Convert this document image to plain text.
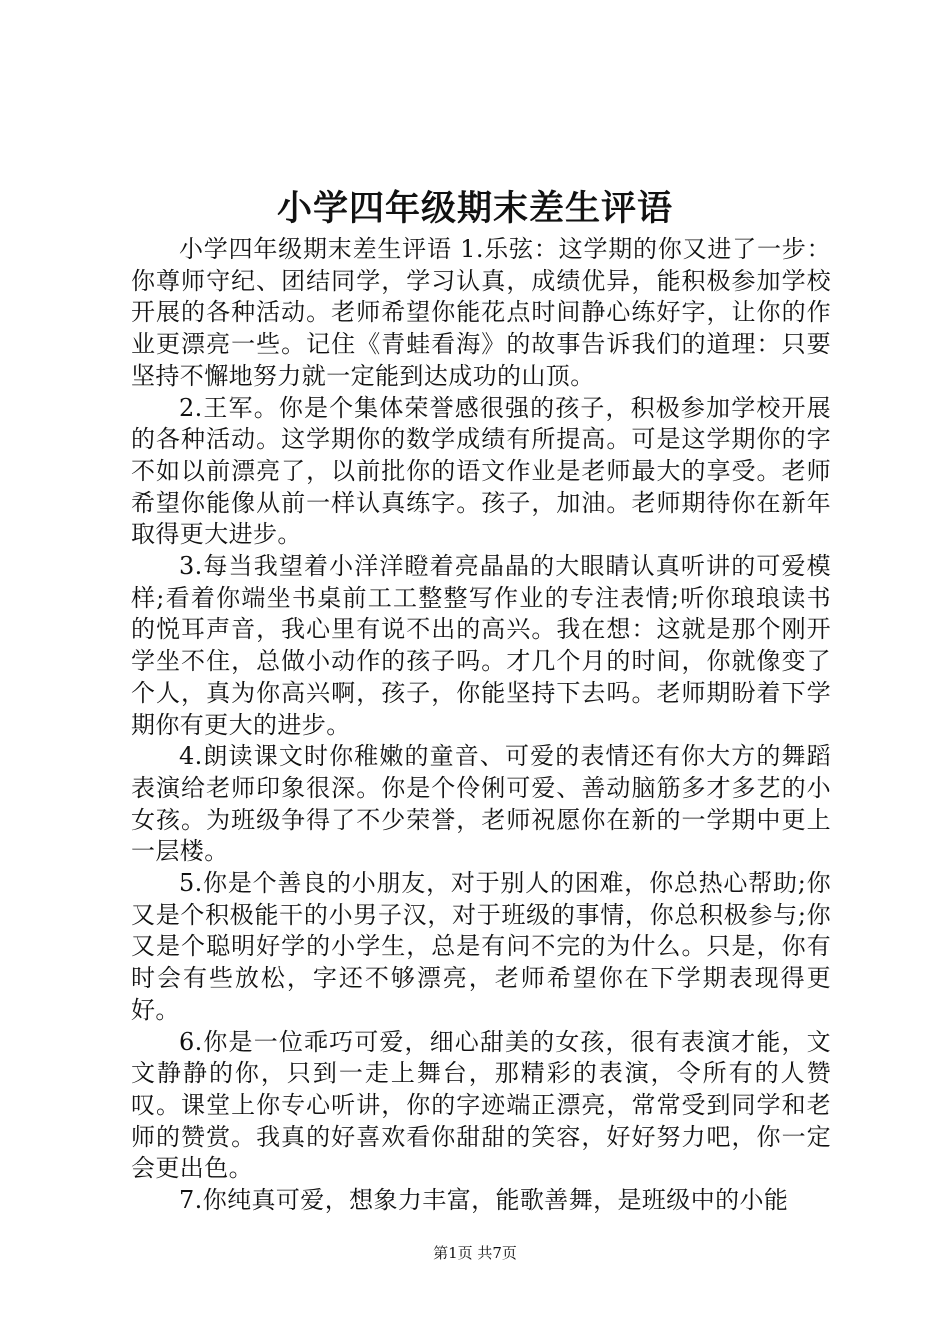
小学四年级期末差生评语

小学四年级期末差生评语 1.乐弦：这学期的你又进了一步：你尊师守纪、团结同学，学习认真，成绩优异，能积极参加学校开展的各种活动。老师希望你能花点时间静心练好字，让你的作业更漂亮一些。记住《青蛙看海》的故事告诉我们的道理：只要坚持不懈地努力就一定能到达成功的山顶。

2.王军。你是个集体荣誉感很强的孩子，积极参加学校开展的各种活动。这学期你的数学成绩有所提高。可是这学期你的字不如以前漂亮了，以前批你的语文作业是老师最大的享受。老师希望你能像从前一样认真练字。孩子，加油。老师期待你在新年取得更大进步。

3.每当我望着小洋洋瞪着亮晶晶的大眼睛认真听讲的可爱模样;看着你端坐书桌前工工整整写作业的专注表情;听你琅琅读书的悦耳声音，我心里有说不出的高兴。我在想：这就是那个刚开学坐不住，总做小动作的孩子吗。才几个月的时间，你就像变了个人，真为你高兴啊，孩子，你能坚持下去吗。老师期盼着下学期你有更大的进步。

4.朗读课文时你稚嫩的童音、可爱的表情还有你大方的舞蹈表演给老师印象很深。你是个伶俐可爱、善动脑筋多才多艺的小女孩。为班级争得了不少荣誉，老师祝愿你在新的一学期中更上一层楼。

5.你是个善良的小朋友，对于别人的困难，你总热心帮助;你又是个积极能干的小男子汉，对于班级的事情，你总积极参与;你又是个聪明好学的小学生，总是有问不完的为什么。只是，你有时会有些放松，字还不够漂亮，老师希望你在下学期表现得更好。

6.你是一位乖巧可爱，细心甜美的女孩，很有表演才能，文文静静的你，只到一走上舞台，那精彩的表演，令所有的人赞叹。课堂上你专心听讲，你的字迹端正漂亮，常常受到同学和老师的赞赏。我真的好喜欢看你甜甜的笑容，好好努力吧，你一定会更出色。

7.你纯真可爱，想象力丰富，能歌善舞，是班级中的小能

第1页 共7页
